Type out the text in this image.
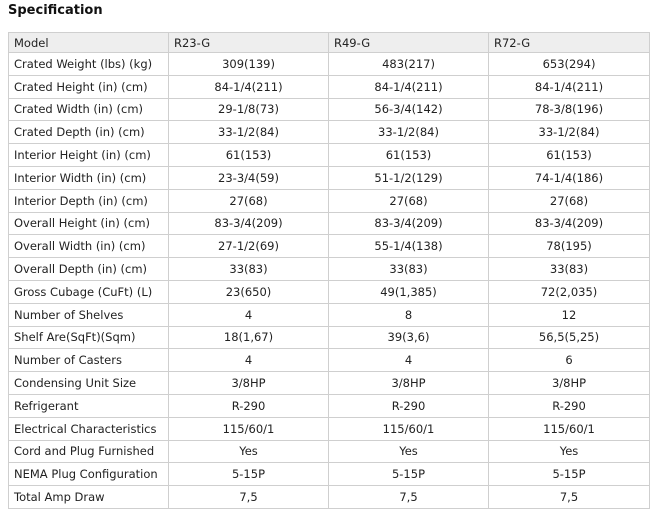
Specification
Model	R23-G	R49-G	R72-G
Crated Weight (lbs) (kg)	309(139)	483(217)	653(294)
Crated Height (in) (cm)	84-1/4(211)	84-1/4(211)	84-1/4(211)
Crated Width (in) (cm)	29-1/8(73)	56-3/4(142)	78-3/8(196)
Crated Depth (in) (cm)	33-1/2(84)	33-1/2(84)	33-1/2(84)
Interior Height (in) (cm)	61(153)	61(153)	61(153)
Interior Width (in) (cm)	23-3/4(59)	51-1/2(129)	74-1/4(186)
Interior Depth (in) (cm)	27(68)	27(68)	27(68)
Overall Height (in) (cm)	83-3/4(209)	83-3/4(209)	83-3/4(209)
Overall Width (in) (cm)	27-1/2(69)	55-1/4(138)	78(195)
Overall Depth (in) (cm)	33(83)	33(83)	33(83)
Gross Cubage (CuFt) (L)	23(650)	49(1,385)	72(2,035)
Number of Shelves	4	8	12
Shelf Are(SqFt)(Sqm)	18(1,67)	39(3,6)	56,5(5,25)
Number of Casters	4	4	6
Condensing Unit Size	3/8HP	3/8HP	3/8HP
Refrigerant	R-290	R-290	R-290
Electrical Characteristics	115/60/1	115/60/1	115/60/1
Cord and Plug Furnished	Yes	Yes	Yes
NEMA Plug Configuration	5-15P	5-15P	5-15P
Total Amp Draw	7,5	7,5	7,5
